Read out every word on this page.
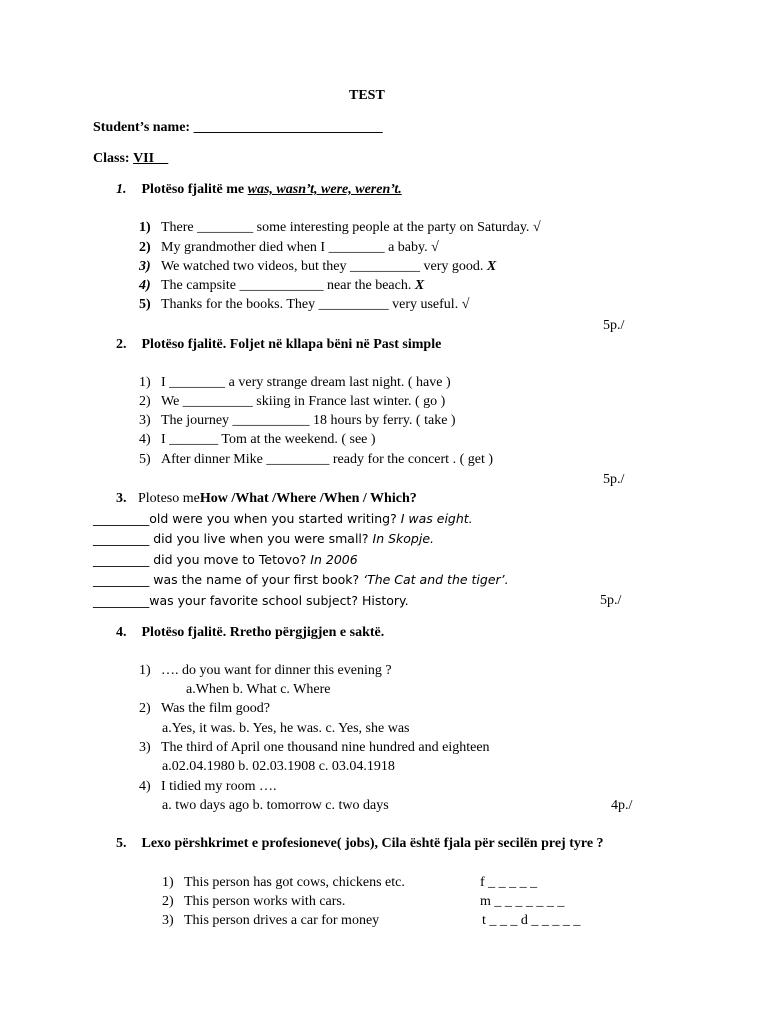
TEST
Student’s name: ___________________________
Class: VII__
1. Plotëso fjalitë me was, wasn’t, were, weren’t.
1) There ________ some interesting people at the party on Saturday. √
2) My grandmother died when I ________ a baby. √
3) We watched two videos, but they __________ very good. X
4) The campsite ____________ near the beach. X
5) Thanks for the books. They __________ very useful. √
5p./
2. Plotëso fjalitë. Foljet në kllapa bëni në Past simple
1) I ________ a very strange dream last night. ( have )
2) We __________ skiing in France last winter. ( go )
3) The journey ___________ 18 hours by ferry. ( take )
4) I _______ Tom at the weekend. ( see )
5) After dinner Mike _________ ready for the concert . ( get )
5p./
3. Ploteso meHow /What /Where /When / Which?
_________old were you when you started writing? I was eight.
_________ did you live when you were small? In Skopje.
_________ did you move to Tetovo? In 2006
_________ was the name of your first book? ‘The Cat and the tiger’.
_________was your favorite school subject? History.	5p./
4. Plotëso fjalitë. Rretho përgjigjen e saktë.
1) …. do you want for dinner this evening ?
a.When b. What c. Where
2) Was the film good?
a.Yes, it was. b. Yes, he was. c. Yes, she was
3) The third of April one thousand nine hundred and eighteen
a.02.04.1980 b. 02.03.1908 c. 03.04.1918
4) I tidied my room ….
a. two days ago b. tomorrow c. two days	4p./
5. Lexo përshkrimet e profesioneve( jobs), Cila është fjala për secilën prej tyre ?
1) This person has got cows, chickens etc.	f _ _ _ _ _
2) This person works with cars.	m _ _ _ _ _ _ _
3) This person drives a car for money	t _ _ _ d _ _ _ _ _
